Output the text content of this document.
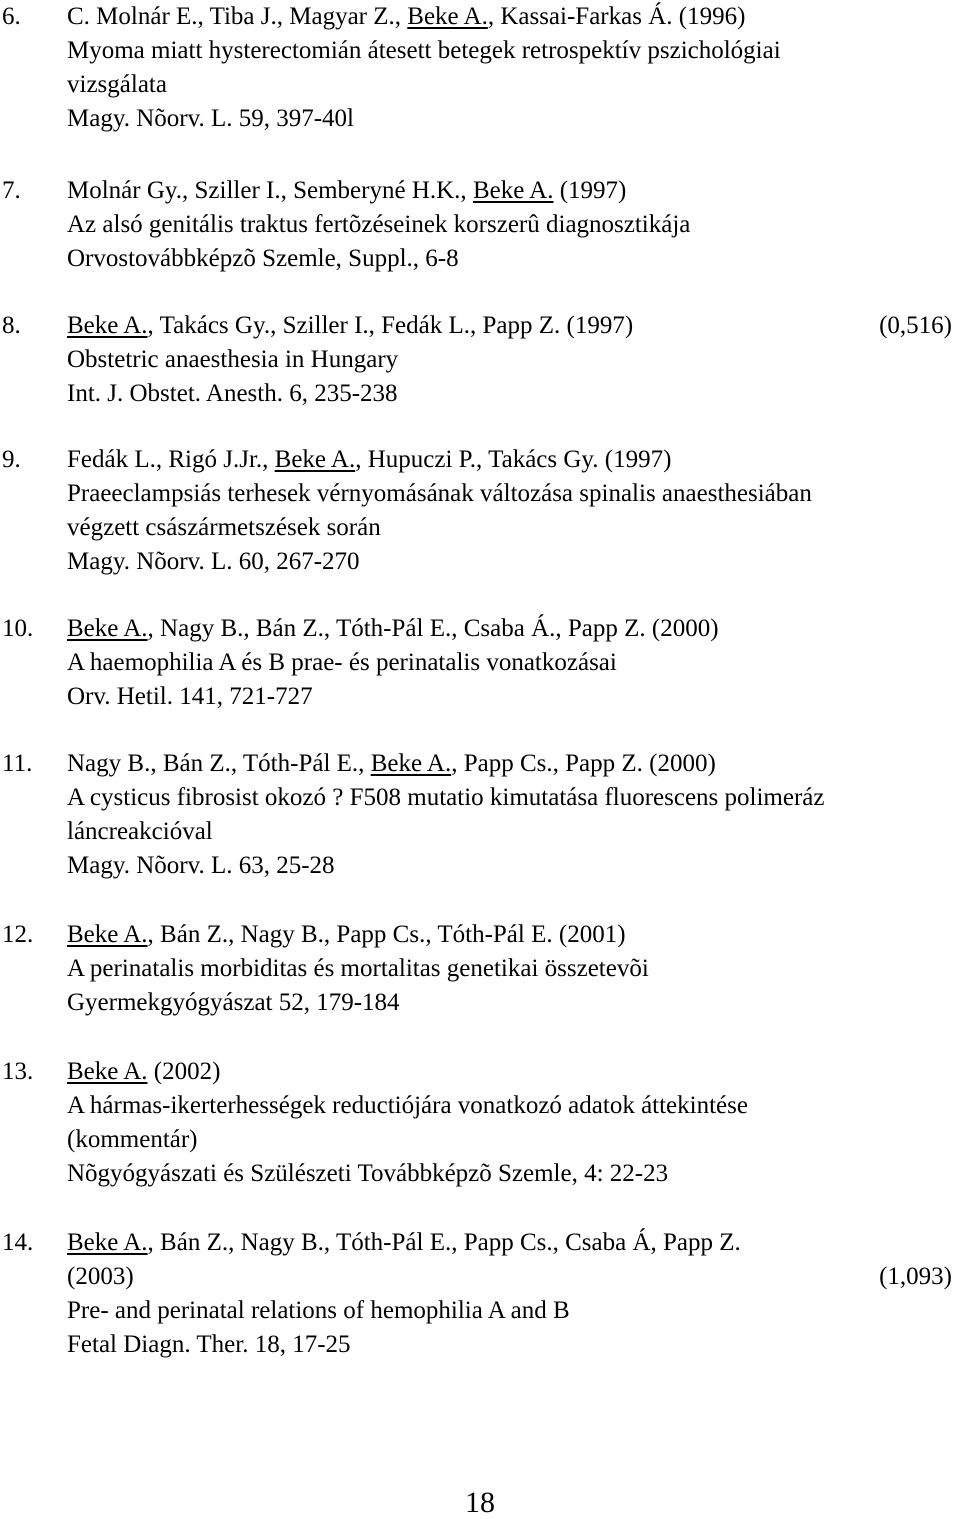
6. C. Molnár E., Tiba J., Magyar Z., Beke A., Kassai-Farkas Á. (1996)
Myoma miatt hysterectomián átesett betegek retrospektív pszichológiai
vizsgálata
Magy. Nõorv. L. 59, 397-40l
7. Molnár Gy., Sziller I., Semberyné H.K., Beke A. (1997)
Az alsó genitális traktus fertõzéseinek korszerû diagnosztikája
Orvostovábbképzõ Szemle, Suppl., 6-8
8. Beke A., Takács Gy., Sziller I., Fedák L., Papp Z. (1997)	(0,516)
Obstetric anaesthesia in Hungary
Int. J. Obstet. Anesth. 6, 235-238
9. Fedák L., Rigó J.Jr., Beke A., Hupuczi P., Takács Gy. (1997)
Praeeclampsiás terhesek vérnyomásának változása spinalis anaesthesiában
végzett császármetszések során
Magy. Nõorv. L. 60, 267-270
10. Beke A., Nagy B., Bán Z., Tóth-Pál E., Csaba Á., Papp Z. (2000)
A haemophilia A és B prae- és perinatalis vonatkozásai
Orv. Hetil. 141, 721-727
11. Nagy B., Bán Z., Tóth-Pál E., Beke A., Papp Cs., Papp Z. (2000)
A cysticus fibrosist okozó ? F508 mutatio kimutatása fluorescens polimeráz
láncreakcióval
Magy. Nõorv. L. 63, 25-28
12. Beke A., Bán Z., Nagy B., Papp Cs., Tóth-Pál E. (2001)
A perinatalis morbiditas és mortalitas genetikai összetevõi
Gyermekgyógyászat 52, 179-184
13. Beke A. (2002)
A hármas-ikerterhességek reductiójára vonatkozó adatok áttekintése
(kommentár)
Nõgyógyászati és Szülészeti Továbbképzõ Szemle, 4: 22-23
14. Beke A., Bán Z., Nagy B., Tóth-Pál E., Papp Cs., Csaba Á, Papp Z.
(2003)	(1,093)
Pre- and perinatal relations of hemophilia A and B
Fetal Diagn. Ther. 18, 17-25
18
